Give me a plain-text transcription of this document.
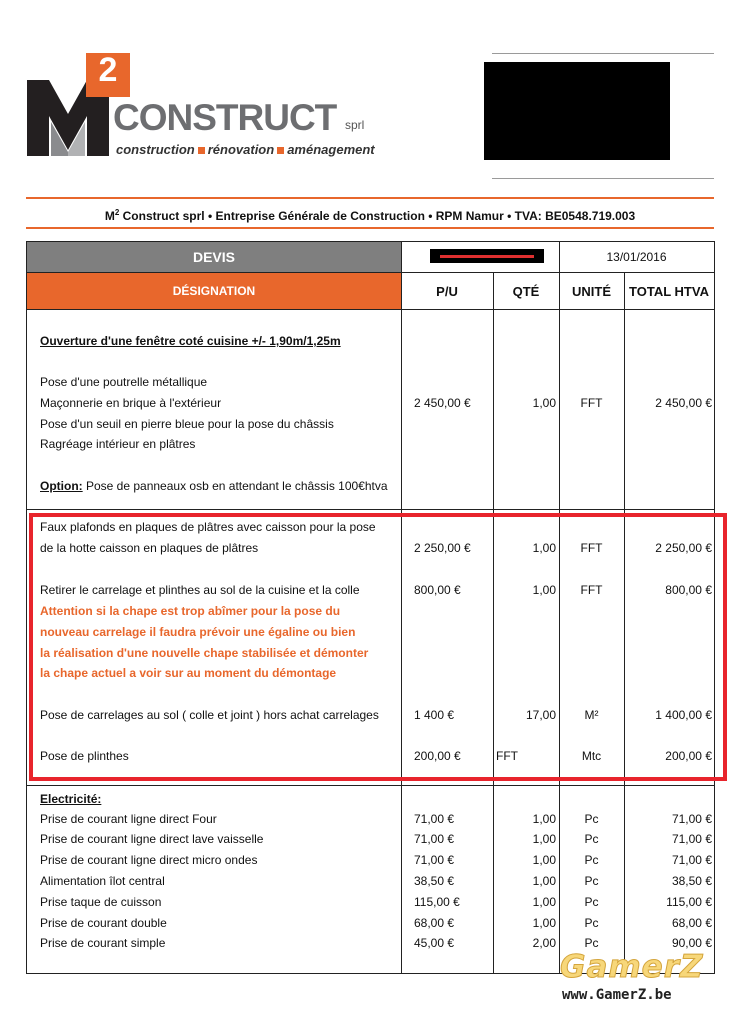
2
CONSTRUCT sprl
construction rénovation aménagement
$M^2$ Construct sprl • Entreprise Générale de Construction • RPM Namur • TVA: BE0548.719.003
DEVIS
DÉSIGNATION
13/01/2016
P/U	QTÉ	UNITÉ	TOTAL HTVA
Ouverture d'une fenêtre coté cuisine +/- 1,90m/1,25m
Pose d'une poutrelle métallique
Maçonnerie en brique à l'extérieur
Pose d'un seuil en pierre bleue pour la pose du châssis
Ragréage intérieur en plâtres
2 450,00 €	1,00	FFT	2 450,00 €
Option: Pose de panneaux osb en attendant le châssis 100€htva
Faux plafonds en plaques de plâtres avec caisson pour la pose
de la hotte caisson en plaques de plâtres	2 250,00 €	1,00	FFT	2 250,00 €
Retirer le carrelage et plinthes au sol de la cuisine et la colle	800,00 €	1,00	FFT	800,00 €
Attention si la chape est trop abîmer pour la pose du
nouveau carrelage il faudra prévoir une égaline ou bien
la réalisation d'une nouvelle chape stabilisée et démonter
la chape actuel a voir sur au moment du démontage
Pose de carrelages au sol ( colle et joint ) hors achat carrelages	1 400 €	17,00	M²	1 400,00 €
Pose de plinthes	200,00 €	FFT	Mtc	200,00 €
Electricité:
Prise de courant ligne direct Four	71,00 €	1,00	Pc	71,00 €
Prise de courant ligne direct lave vaisselle	71,00 €	1,00	Pc	71,00 €
Prise de courant ligne direct micro ondes	71,00 €	1,00	Pc	71,00 €
Alimentation îlot central	38,50 €	1,00	Pc	38,50 €
Prise taque de cuisson	115,00 €	1,00	Pc	115,00 €
Prise de courant double	68,00 €	1,00	Pc	68,00 €
Prise de courant simple	45,00 €	2,00	Pc	90,00 €
GamerZ
www.GamerZ.be
